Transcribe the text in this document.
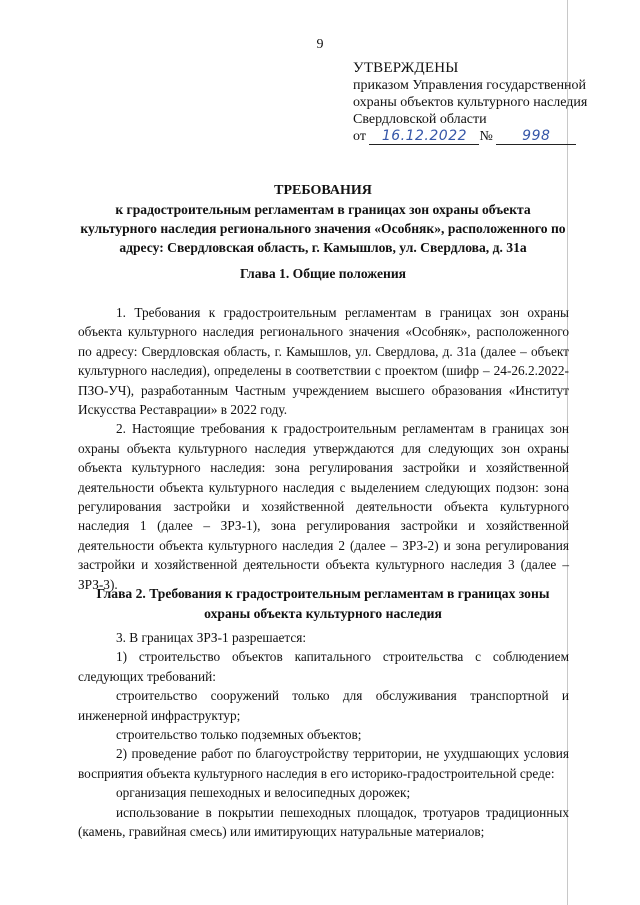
9
УТВЕРЖДЕНЫ
приказом Управления государственной
охраны объектов культурного наследия
Свердловской области
от 16.12.2022 № 998
ТРЕБОВАНИЯ
к градостроительным регламентам в границах зон охраны объекта культурного наследия регионального значения «Особняк», расположенного по адресу: Свердловская область, г. Камышлов, ул. Свердлова, д. 31а
Глава 1. Общие положения

1. Требования к градостроительным регламентам в границах зон охраны объекта культурного наследия регионального значения «Особняк», расположенного по адресу: Свердловская область, г. Камышлов, ул. Свердлова, д. 31а (далее – объект культурного наследия), определены в соответствии с проектом (шифр – 24-26.2.2022-ПЗО-УЧ), разработанным Частным учреждением высшего образования «Институт Искусства Реставрации» в 2022 году.

2. Настоящие требования к градостроительным регламентам в границах зон охраны объекта культурного наследия утверждаются для следующих зон охраны объекта культурного наследия: зона регулирования застройки и хозяйственной деятельности объекта культурного наследия с выделением следующих подзон: зона регулирования застройки и хозяйственной деятельности объекта культурного наследия 1 (далее – ЗРЗ-1), зона регулирования застройки и хозяйственной деятельности объекта культурного наследия 2 (далее – ЗРЗ-2) и зона регулирования застройки и хозяйственной деятельности объекта культурного наследия 3 (далее – ЗРЗ-3).

Глава 2. Требования к градостроительным регламентам в границах зоны охраны объекта культурного наследия

3. В границах ЗРЗ-1 разрешается:

1) строительство объектов капитального строительства с соблюдением следующих требований:

строительство сооружений только для обслуживания транспортной и инженерной инфраструктур;

строительство только подземных объектов;

2) проведение работ по благоустройству территории, не ухудшающих условия восприятия объекта культурного наследия в его историко-градостроительной среде:

организация пешеходных и велосипедных дорожек;

использование в покрытии пешеходных площадок, тротуаров традиционных (камень, гравийная смесь) или имитирующих натуральные материалов;
